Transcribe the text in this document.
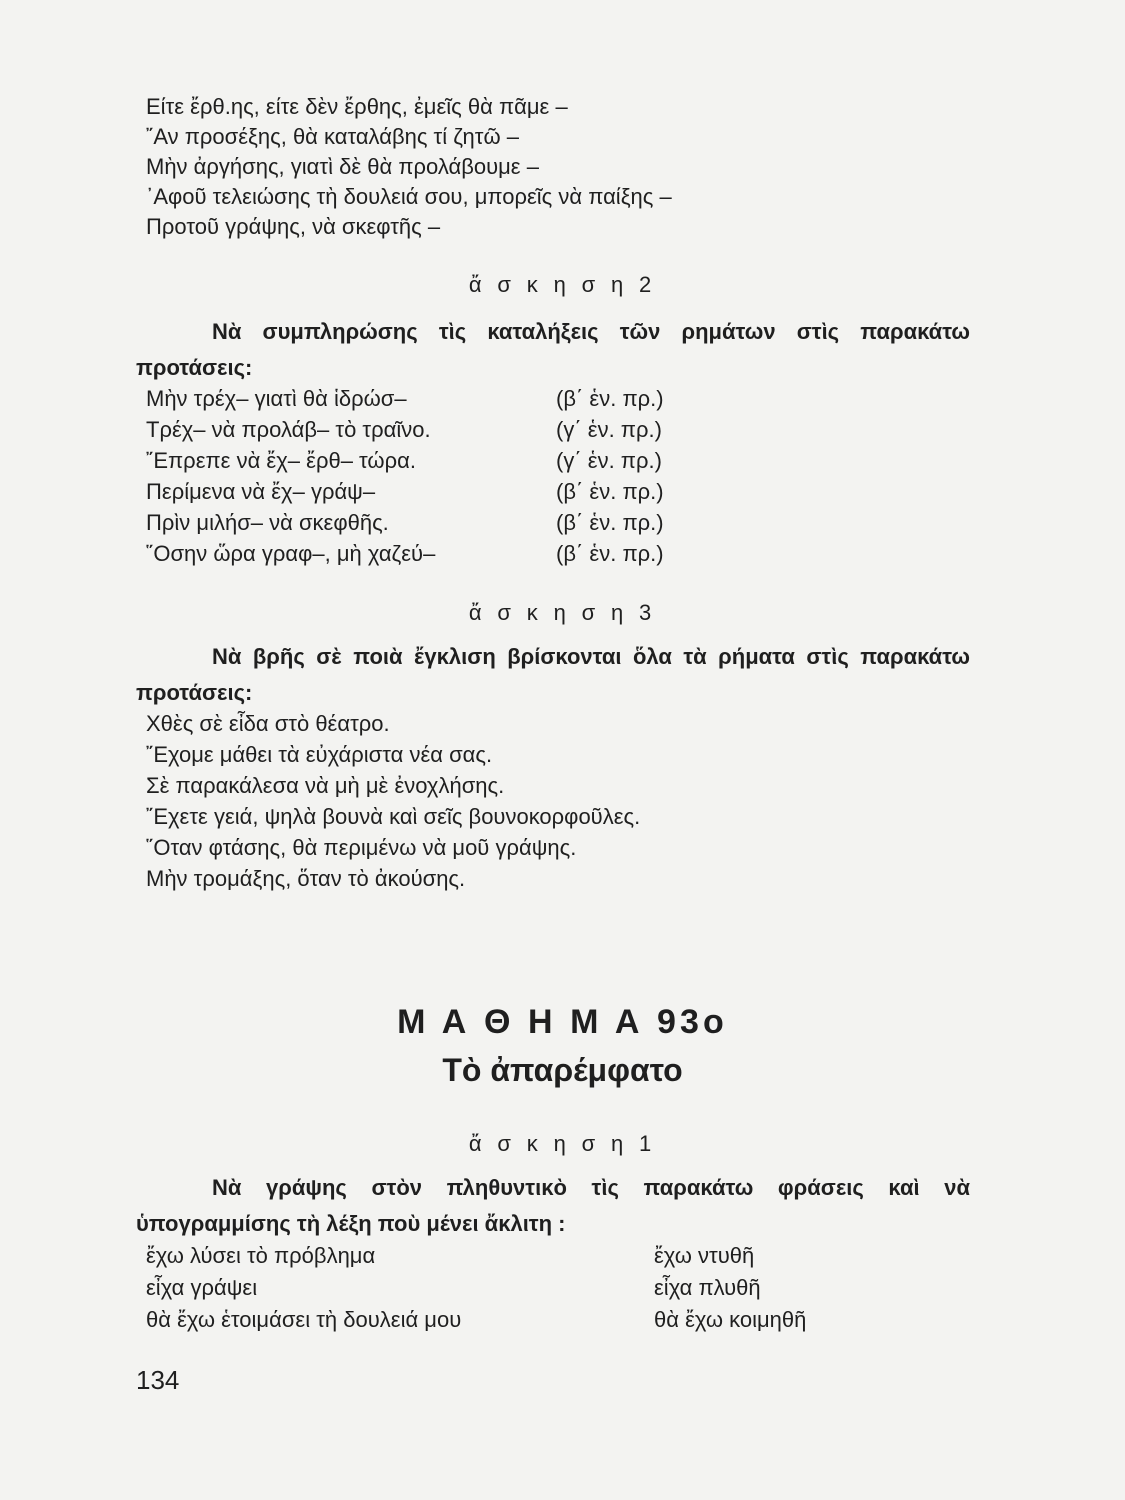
Είτε ἔρθ.ης, είτε δὲν ἔρθης, ἐμεῖς θὰ πᾶμε –
῎Αν προσέξης, θὰ καταλάβης τί ζητῶ –
Μὴν ἀργήσης, γιατὶ δὲ θὰ προλάβουμε –
᾿Αφοῦ τελειώσης τὴ δουλειά σου, μπορεῖς νὰ παίξης –
Προτοῦ γράψης, νὰ σκεφτῆς –
ἄ σ κ η σ η 2
Νὰ συμπληρώσης τὶς καταλήξεις τῶν ρημάτων στὶς παρακάτω προτάσεις:
Μὴν τρέχ– γιατὶ θὰ ἱδρώσ–	(β΄ ἑν. πρ.)
Τρέχ– νὰ προλάβ– τὸ τραῖνο.	(γ΄ ἑν. πρ.)
῎Επρεπε νὰ ἔχ– ἔρθ– τώρα.	(γ΄ ἑν. πρ.)
Περίμενα νὰ ἔχ– γράψ–	(β΄ ἑν. πρ.)
Πρὶν μιλήσ– νὰ σκεφθῆς.	(β΄ ἑν. πρ.)
῞Οσην ὥρα γραφ–, μὴ χαζεύ–	(β΄ ἑν. πρ.)
ἄ σ κ η σ η 3
Νὰ βρῆς σὲ ποιὰ ἔγκλιση βρίσκονται ὅλα τὰ ρήματα στὶς παρακάτω προτάσεις:
Χθὲς σὲ εἶδα στὸ θέατρο.
῎Εχομε μάθει τὰ εὐχάριστα νέα σας.
Σὲ παρακάλεσα νὰ μὴ μὲ ἐνοχλήσης.
῎Εχετε γειά, ψηλὰ βουνὰ καὶ σεῖς βουνοκορφοῦλες.
῞Οταν φτάσης, θὰ περιμένω νὰ μοῦ γράψης.
Μὴν τρομάξης, ὅταν τὸ ἀκούσης.
Μ Α Θ Η Μ Α 93ο
Τὸ ἀπαρέμφατο
ἄ σ κ η σ η 1
Νὰ γράψης στὸν πληθυντικὸ τὶς παρακάτω φράσεις καὶ νὰ ὑπογραμμίσης τὴ λέξη ποὺ μένει ἄκλιτη :
ἔχω λύσει τὸ πρόβλημα	ἔχω ντυθῆ
εἶχα γράψει	εἶχα πλυθῆ
θὰ ἔχω ἑτοιμάσει τὴ δουλειά μου	θὰ ἔχω κοιμηθῆ
134
